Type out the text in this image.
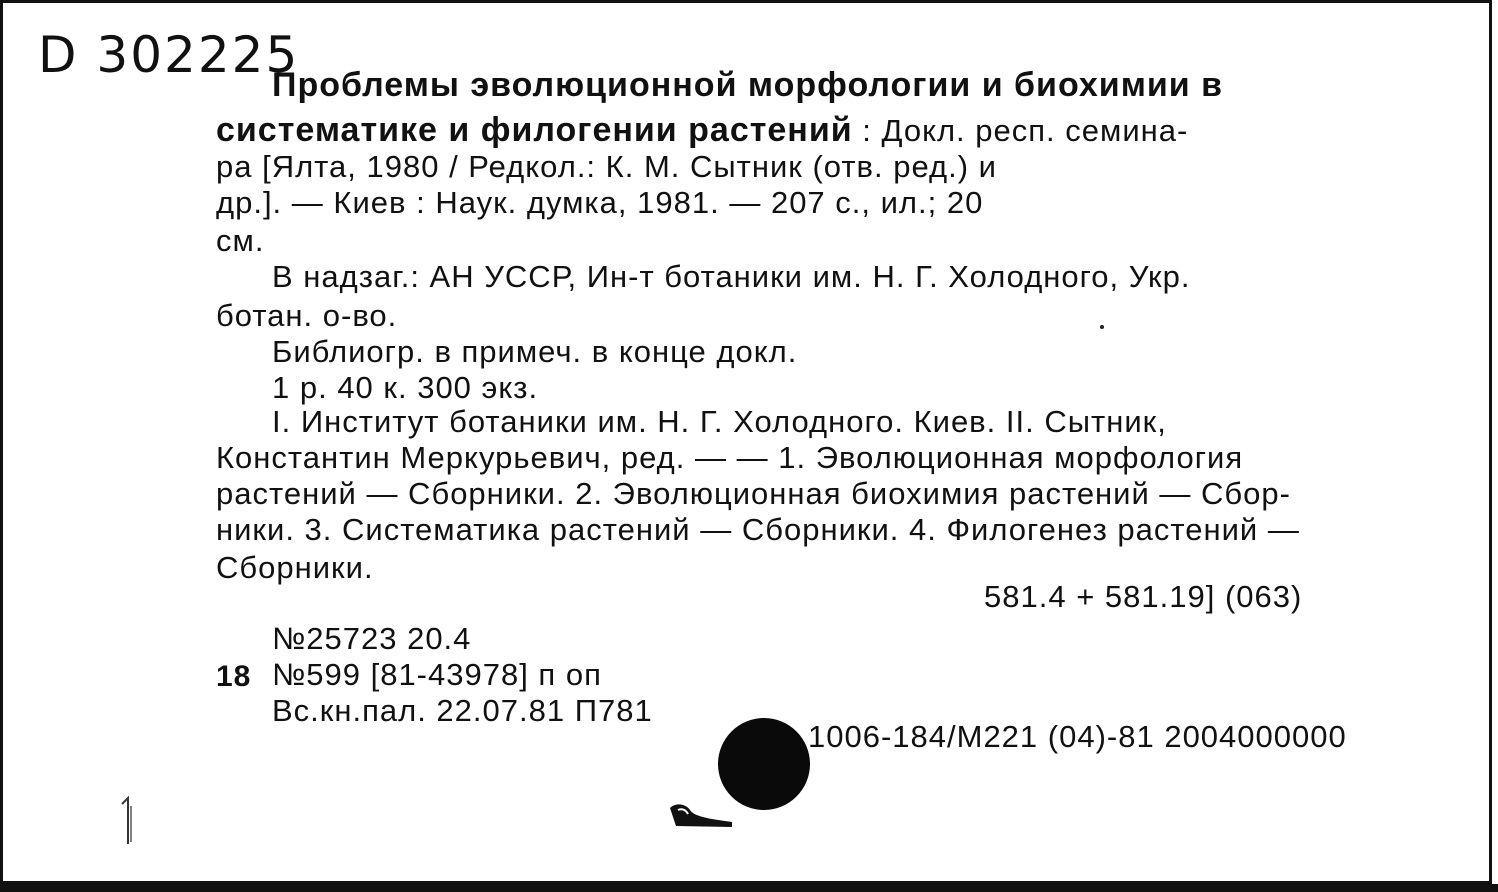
D 302225
Проблемы эволюционной морфологии и биохимии в
систематике и филогении растений : Докл. респ. семина-
ра [Ялта, 1980 / Редкол.: К. М. Сытник (отв. ред.) и
др.]. — Киев : Наук. думка, 1981. — 207 с., ил.; 20
см.
В надзаг.: АН УССР, Ин-т ботаники им. Н. Г. Холодного, Укр.
ботан. о-во.
Библиогр. в примеч. в конце докл.
1 р. 40 к. 300 экз.
I. Институт ботаники им. Н. Г. Холодного. Киев. II. Сытник,
Константин Меркурьевич, ред. — — 1. Эволюционная морфология
растений — Сборники. 2. Эволюционная биохимия растений — Сбор-
ники. 3. Систематика растений — Сборники. 4. Филогенез растений —
Сборники.
581.4 + 581.19] (063)
№25723 20.4
18 №599 [81-43978] п оп
Вс.кн.пал. 22.07.81 П781
1006-184/М221 (04)-81 2004000000
